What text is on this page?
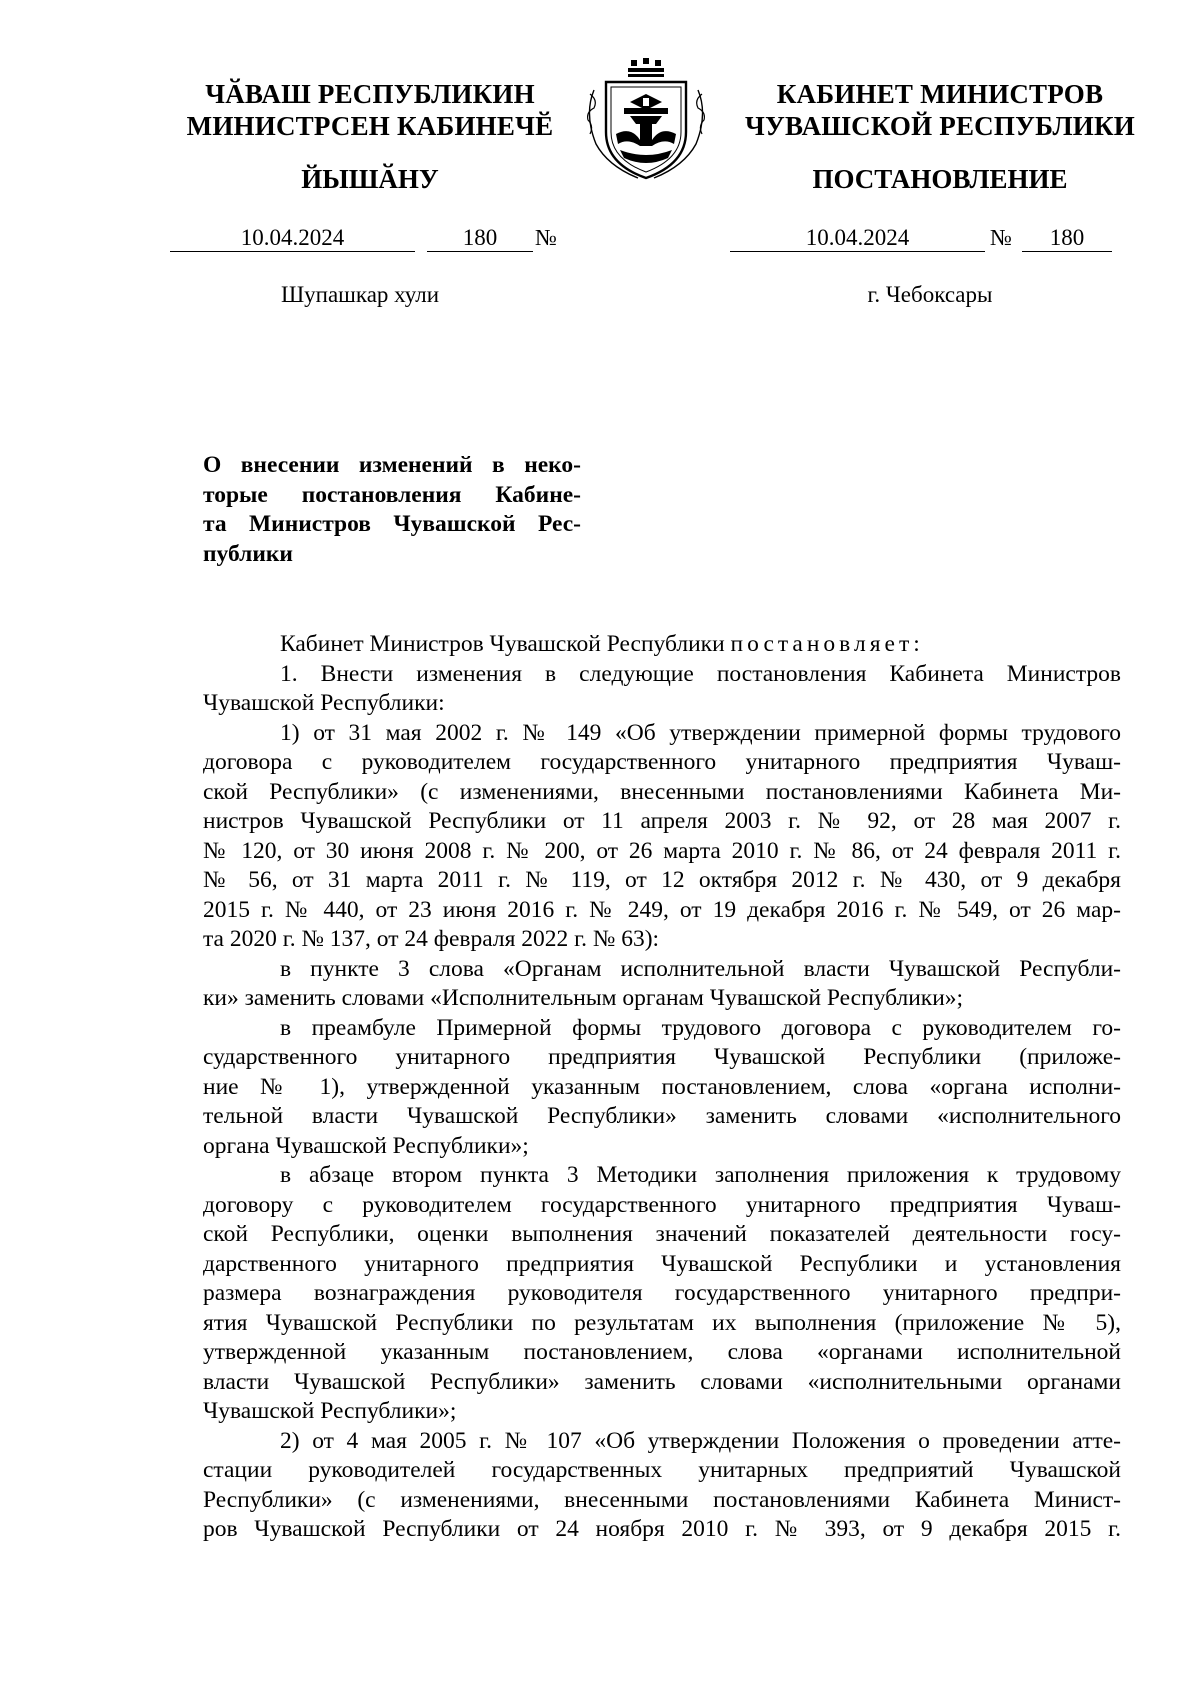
ЧӐВАШ РЕСПУБЛИКИН
МИНИСТРСЕН КАБИНЕЧӖ
ЙЫШӐНУ
КАБИНЕТ МИНИСТРОВ
ЧУВАШСКОЙ РЕСПУБЛИКИ
ПОСТАНОВЛЕНИЕ
10.04.2024	180	№	10.04.2024	№	180
Шупашкар хули	г. Чебоксары
О внесении изменений в неко-
торые постановления Кабине-
та Министров Чувашской Рес-
публики
Кабинет Министров Чувашской Республики постановляет:
1. Внести изменения в следующие постановления Кабинета Министров
Чувашской Республики:
1) от 31 мая 2002 г. № 149 «Об утверждении примерной формы трудового
договора с руководителем государственного унитарного предприятия Чуваш-
ской Республики» (с изменениями, внесенными постановлениями Кабинета Ми-
нистров Чувашской Республики от 11 апреля 2003 г. № 92, от 28 мая 2007 г.
№ 120, от 30 июня 2008 г. № 200, от 26 марта 2010 г. № 86, от 24 февраля 2011 г.
№ 56, от 31 марта 2011 г. № 119, от 12 октября 2012 г. № 430, от 9 декабря
2015 г. № 440, от 23 июня 2016 г. № 249, от 19 декабря 2016 г. № 549, от 26 мар-
та 2020 г. № 137, от 24 февраля 2022 г. № 63):
в пункте 3 слова «Органам исполнительной власти Чувашской Республи-
ки» заменить словами «Исполнительным органам Чувашской Республики»;
в преамбуле Примерной формы трудового договора с руководителем го-
сударственного унитарного предприятия Чувашской Республики (приложе-
ние № 1), утвержденной указанным постановлением, слова «органа исполни-
тельной власти Чувашской Республики» заменить словами «исполнительного
органа Чувашской Республики»;
в абзаце втором пункта 3 Методики заполнения приложения к трудовому
договору с руководителем государственного унитарного предприятия Чуваш-
ской Республики, оценки выполнения значений показателей деятельности госу-
дарственного унитарного предприятия Чувашской Республики и установления
размера вознаграждения руководителя государственного унитарного предпри-
ятия Чувашской Республики по результатам их выполнения (приложение № 5),
утвержденной указанным постановлением, слова «органами исполнительной
власти Чувашской Республики» заменить словами «исполнительными органами
Чувашской Республики»;
2) от 4 мая 2005 г. № 107 «Об утверждении Положения о проведении атте-
стации руководителей государственных унитарных предприятий Чувашской
Республики» (с изменениями, внесенными постановлениями Кабинета Минист-
ров Чувашской Республики от 24 ноября 2010 г. № 393, от 9 декабря 2015 г.
